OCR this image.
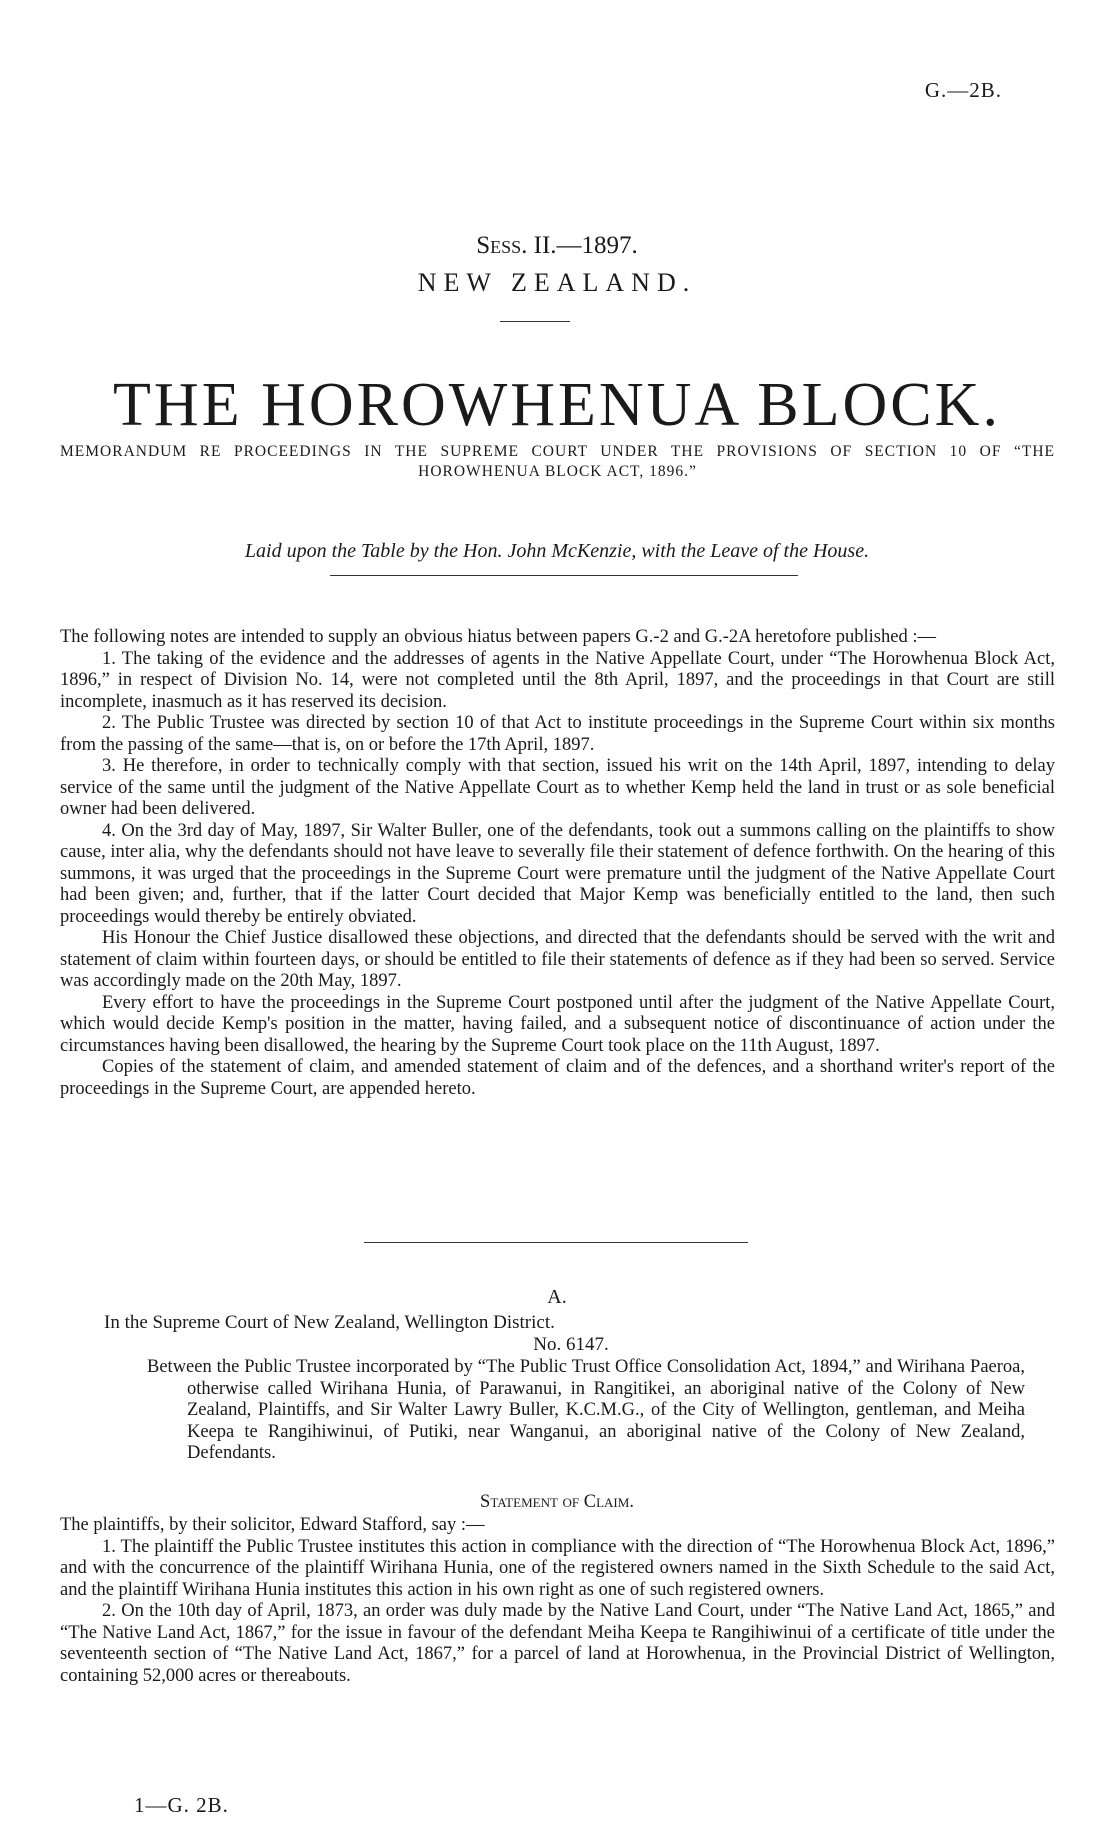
G.—2B.
Sess. II.—1897.
NEW ZEALAND.
THE HOROWHENUA BLOCK.
MEMORANDUM RE PROCEEDINGS IN THE SUPREME COURT UNDER THE PROVISIONS OF SECTION 10 OF “THE HOROWHENUA BLOCK ACT, 1896.”
Laid upon the Table by the Hon. John McKenzie, with the Leave of the House.

The following notes are intended to supply an obvious hiatus between papers G.-2 and G.-2A heretofore published :—

1. The taking of the evidence and the addresses of agents in the Native Appellate Court, under “The Horowhenua Block Act, 1896,” in respect of Division No. 14, were not completed until the 8th April, 1897, and the proceedings in that Court are still incomplete, inasmuch as it has reserved its decision.

2. The Public Trustee was directed by section 10 of that Act to institute proceedings in the Supreme Court within six months from the passing of the same—that is, on or before the 17th April, 1897.

3. He therefore, in order to technically comply with that section, issued his writ on the 14th April, 1897, intending to delay service of the same until the judgment of the Native Appellate Court as to whether Kemp held the land in trust or as sole beneficial owner had been delivered.

4. On the 3rd day of May, 1897, Sir Walter Buller, one of the defendants, took out a summons calling on the plaintiffs to show cause, inter alia, why the defendants should not have leave to severally file their statement of defence forthwith. On the hearing of this summons, it was urged that the proceedings in the Supreme Court were premature until the judgment of the Native Appellate Court had been given; and, further, that if the latter Court decided that Major Kemp was beneficially entitled to the land, then such proceedings would thereby be entirely obviated.

His Honour the Chief Justice disallowed these objections, and directed that the defendants should be served with the writ and statement of claim within fourteen days, or should be entitled to file their statements of defence as if they had been so served. Service was accordingly made on the 20th May, 1897.

Every effort to have the proceedings in the Supreme Court postponed until after the judgment of the Native Appellate Court, which would decide Kemp's position in the matter, having failed, and a subsequent notice of discontinuance of action under the circumstances having been disallowed, the hearing by the Supreme Court took place on the 11th August, 1897.

Copies of the statement of claim, and amended statement of claim and of the defences, and a shorthand writer's report of the proceedings in the Supreme Court, are appended hereto.

A.
In the Supreme Court of New Zealand, Wellington District.
No. 6147.
Between the Public Trustee incorporated by “The Public Trust Office Consolidation Act, 1894,” and Wirihana Paeroa, otherwise called Wirihana Hunia, of Parawanui, in Rangitikei, an aboriginal native of the Colony of New Zealand, Plaintiffs, and Sir Walter Lawry Buller, K.C.M.G., of the City of Wellington, gentleman, and Meiha Keepa te Rangihiwinui, of Putiki, near Wanganui, an aboriginal native of the Colony of New Zealand, Defendants.
Statement of Claim.

The plaintiffs, by their solicitor, Edward Stafford, say :—

1. The plaintiff the Public Trustee institutes this action in compliance with the direction of “The Horowhenua Block Act, 1896,” and with the concurrence of the plaintiff Wirihana Hunia, one of the registered owners named in the Sixth Schedule to the said Act, and the plaintiff Wirihana Hunia institutes this action in his own right as one of such registered owners.

2. On the 10th day of April, 1873, an order was duly made by the Native Land Court, under “The Native Land Act, 1865,” and “The Native Land Act, 1867,” for the issue in favour of the defendant Meiha Keepa te Rangihiwinui of a certificate of title under the seventeenth section of “The Native Land Act, 1867,” for a parcel of land at Horowhenua, in the Provincial District of Wellington, containing 52,000 acres or thereabouts.

1—G. 2B.
